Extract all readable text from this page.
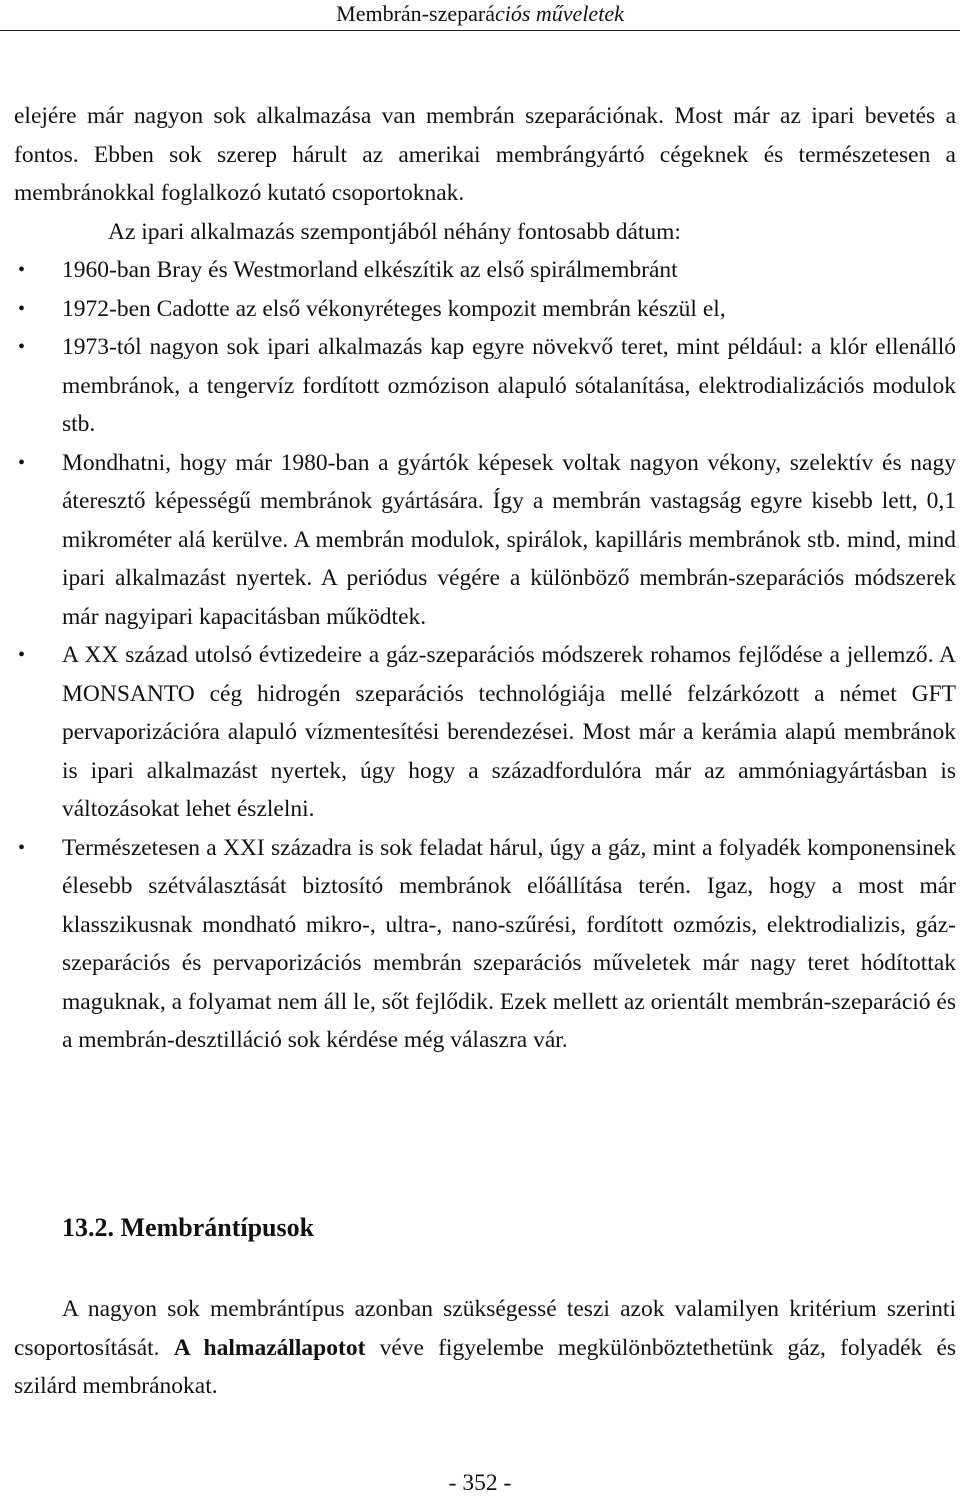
Membrán-szeparációs műveletek

elejére már nagyon sok alkalmazása van membrán szeparációnak. Most már az ipari bevetés a fontos. Ebben sok szerep hárult az amerikai membrángyártó cégeknek és természetesen a membránokkal foglalkozó kutató csoportoknak.

Az ipari alkalmazás szempontjából néhány fontosabb dátum:

• 1960-ban Bray és Westmorland elkészítik az első spirálmembránt
• 1972-ben Cadotte az első vékonyréteges kompozit membrán készül el,
• 1973-tól nagyon sok ipari alkalmazás kap egyre növekvő teret, mint például: a klór ellenálló membránok, a tengervíz fordított ozmózison alapuló sótalanítása, elektrodializációs modulok stb.
• Mondhatni, hogy már 1980-ban a gyártók képesek voltak nagyon vékony, szelektív és nagy áteresztő képességű membránok gyártására. Így a membrán vastagság egyre kisebb lett, 0,1 mikrométer alá kerülve. A membrán modulok, spirálok, kapilláris membránok stb. mind, mind ipari alkalmazást nyertek. A periódus végére a különböző membrán-szeparációs módszerek már nagyipari kapacitásban működtek.
• A XX század utolsó évtizedeire a gáz-szeparációs módszerek rohamos fejlődése a jellemző. A MONSANTO cég hidrogén szeparációs technológiája mellé felzárkózott a német GFT pervaporizációra alapuló vízmentesítési berendezései. Most már a kerámia alapú membránok is ipari alkalmazást nyertek, úgy hogy a századfordulóra már az ammóniagyártásban is változásokat lehet észlelni.
• Természetesen a XXI századra is sok feladat hárul, úgy a gáz, mint a folyadék komponensinek élesebb szétválasztását biztosító membránok előállítása terén. Igaz, hogy a most már klasszikusnak mondható mikro-, ultra-, nano-szűrési, fordított ozmózis, elektrodializis, gáz-szeparációs és pervaporizációs membrán szeparációs műveletek már nagy teret hódítottak maguknak, a folyamat nem áll le, sőt fejlődik. Ezek mellett az orientált membrán-szeparáció és a membrán-desztilláció sok kérdése még válaszra vár.
13.2. Membrántípusok

A nagyon sok membrántípus azonban szükségessé teszi azok valamilyen kritérium szerinti csoportosítását. A halmazállapotot véve figyelembe megkülönböztethetünk gáz, folyadék és szilárd membránokat.

- 352 -
